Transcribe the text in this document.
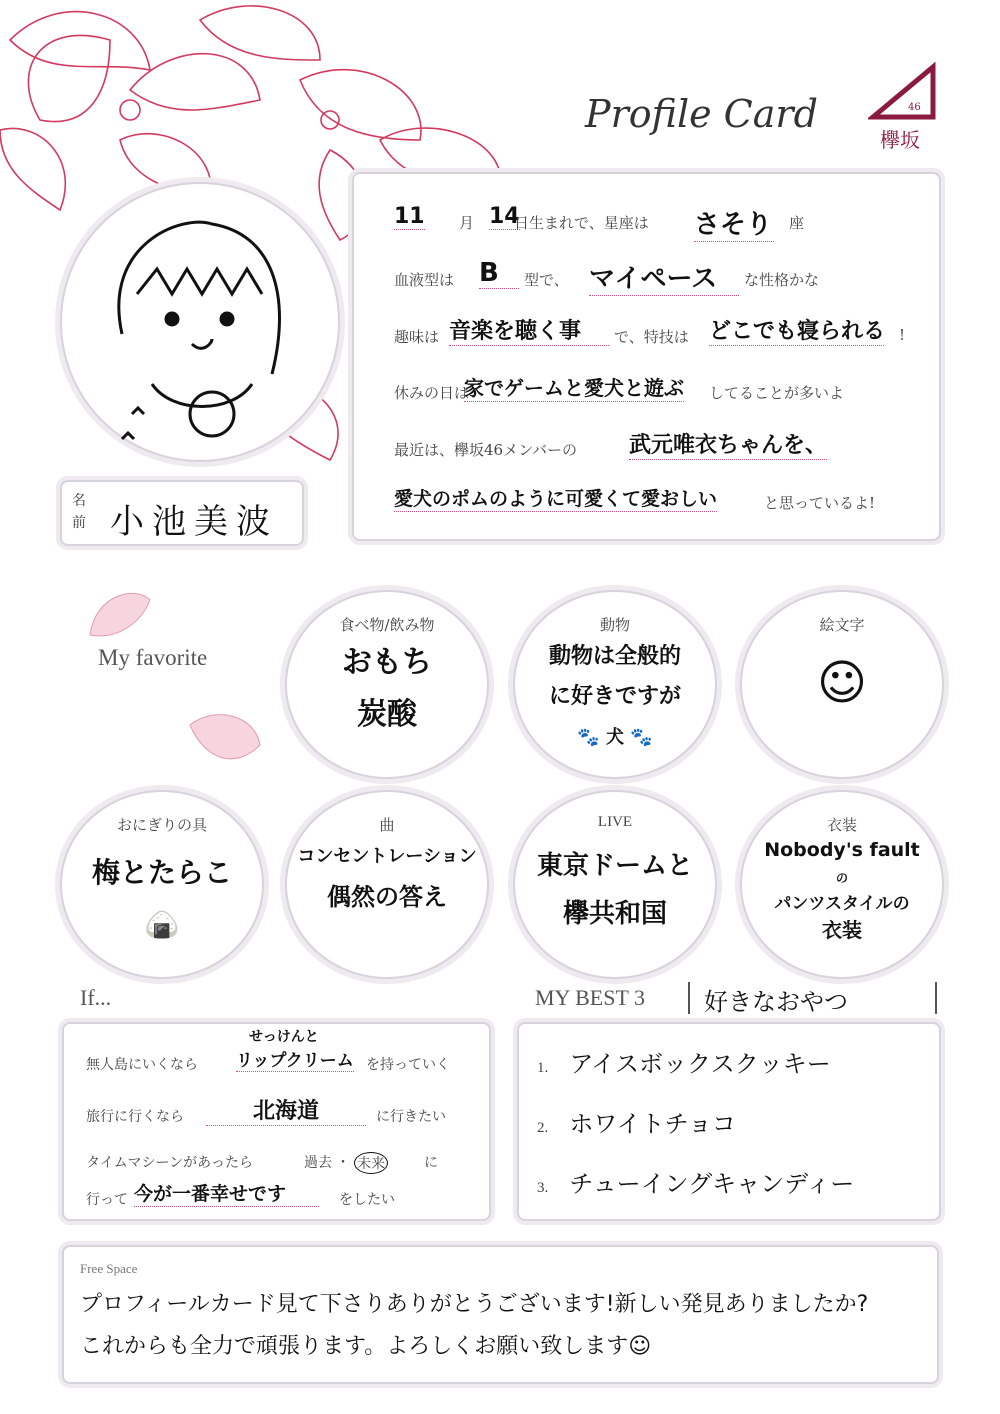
Profile Card	46
欅坂
名
前 小池美波
11 月 14
日生まれで、星座は さそり 座
血液型は B	型で、 マイペース	な性格かな
趣味は 音楽を聴く事	で、特技は どこでも寝られる !
休みの日は
家でゲームと愛犬と遊ぶ してることが多いよ
最近は、欅坂46メンバーの 武元唯衣ちゃんを、
愛犬のポムのように可愛くて愛おしい	と思っているよ!
My favorite
食べ物/飲み物
おもち
炭酸
動物
動物は全般的
に好きですが
🐾 犬 🐾
絵文字
☺
おにぎりの具
梅とたらこ
🍙
曲
コンセントレーション
偶然の答え
LIVE
東京ドームと
欅共和国
衣装
Nobody's fault
の
パンツスタイルの
衣装
If...
無人島にいくなら
せっけんと
リップクリーム を持っていく
旅行に行くなら	北海道	に行きたい
タイムマシーンがあったら	過去 ・ 未来	に
行って 今が一番幸せです	をしたい
MY BEST 3 好きなおやつ
1. アイスボックスクッキー
2. ホワイトチョコ
3. チューイングキャンディー
Free Space
プロフィールカード見て下さりありがとうございます!新しい発見ありましたか?
これからも全力で頑張ります。よろしくお願い致します☺
